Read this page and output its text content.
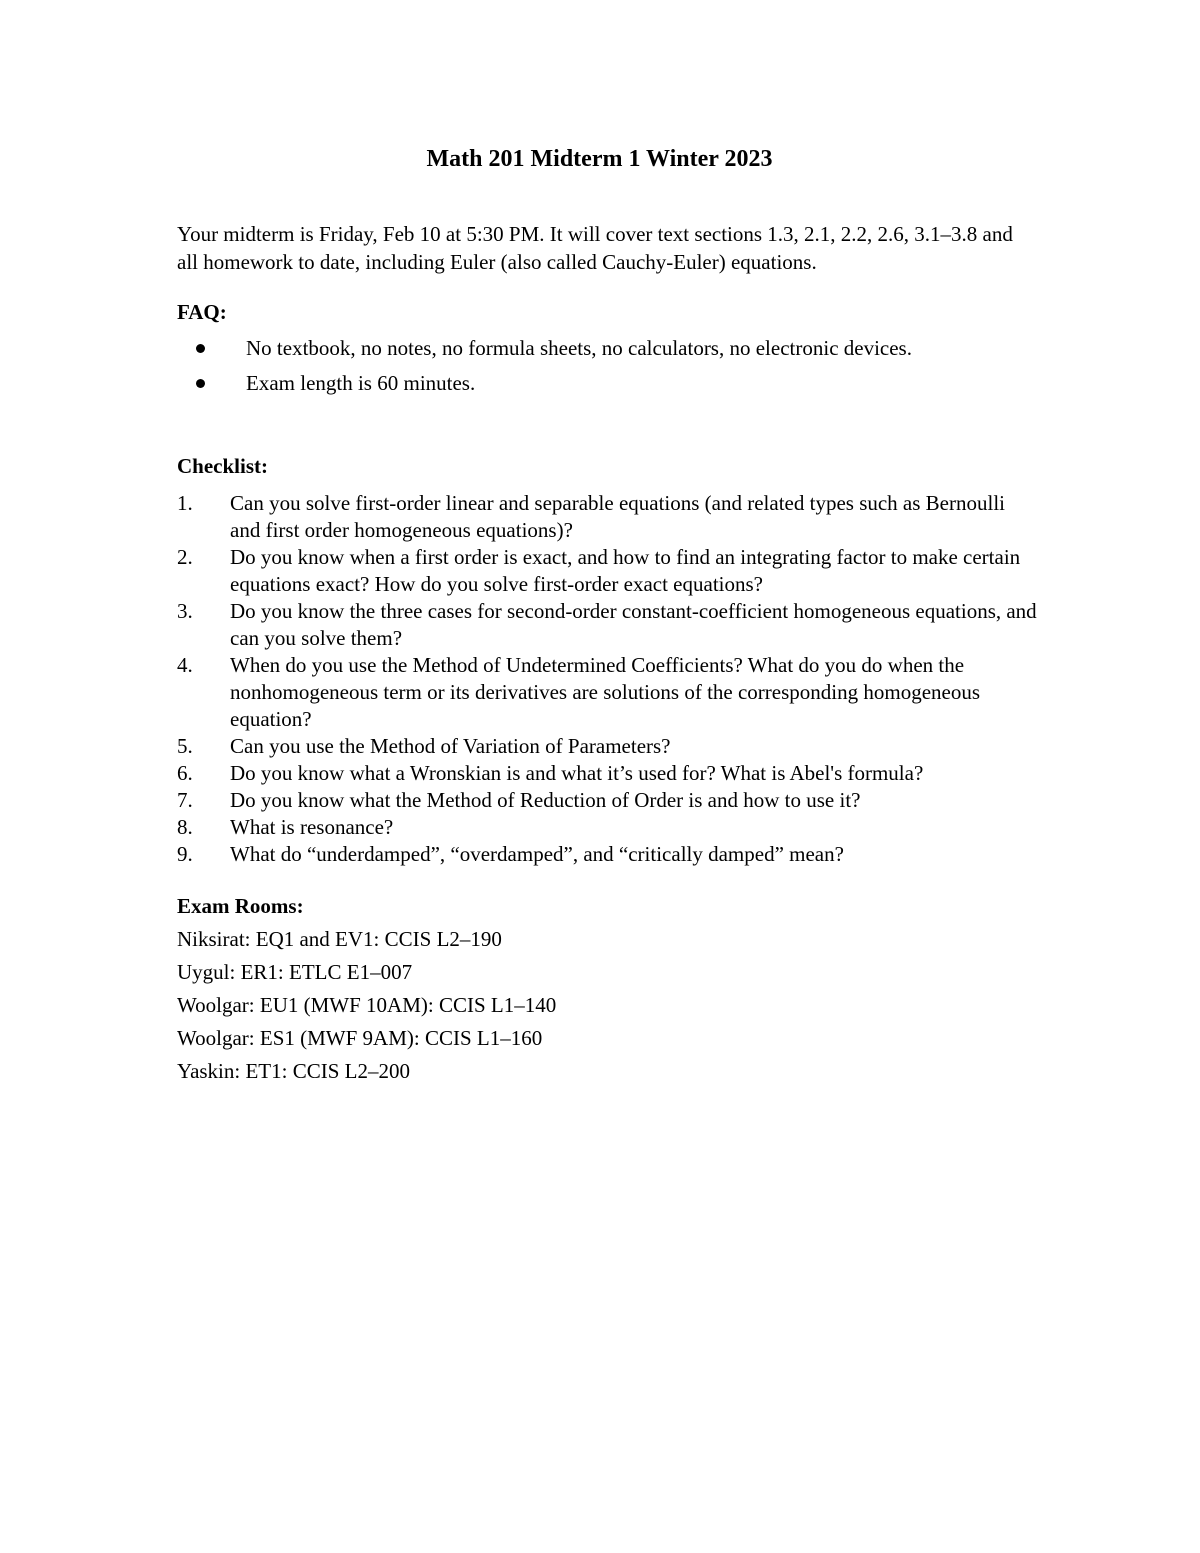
Math 201 Midterm 1 Winter 2023

Your midterm is Friday, Feb 10 at 5:30 PM. It will cover text sections 1.3, 2.1, 2.2, 2.6, 3.1–3.8 and all homework to date, including Euler (also called Cauchy-Euler) equations.

FAQ:
No textbook, no notes, no formula sheets, no calculators, no electronic devices.
Exam length is 60 minutes.
Checklist:
1. Can you solve first-order linear and separable equations (and related types such as Bernoulli and first order homogeneous equations)?
2. Do you know when a first order is exact, and how to find an integrating factor to make certain equations exact? How do you solve first-order exact equations?
3. Do you know the three cases for second-order constant-coefficient homogeneous equations, and can you solve them?
4. When do you use the Method of Undetermined Coefficients? What do you do when the nonhomogeneous term or its derivatives are solutions of the corresponding homogeneous equation?
5. Can you use the Method of Variation of Parameters?
6. Do you know what a Wronskian is and what it’s used for? What is Abel's formula?
7. Do you know what the Method of Reduction of Order is and how to use it?
8. What is resonance?
9. What do “underdamped”, “overdamped”, and “critically damped” mean?
Exam Rooms:
Niksirat: EQ1 and EV1: CCIS L2–190
Uygul: ER1: ETLC E1–007
Woolgar: EU1 (MWF 10AM): CCIS L1–140
Woolgar: ES1 (MWF 9AM): CCIS L1–160
Yaskin: ET1: CCIS L2–200
